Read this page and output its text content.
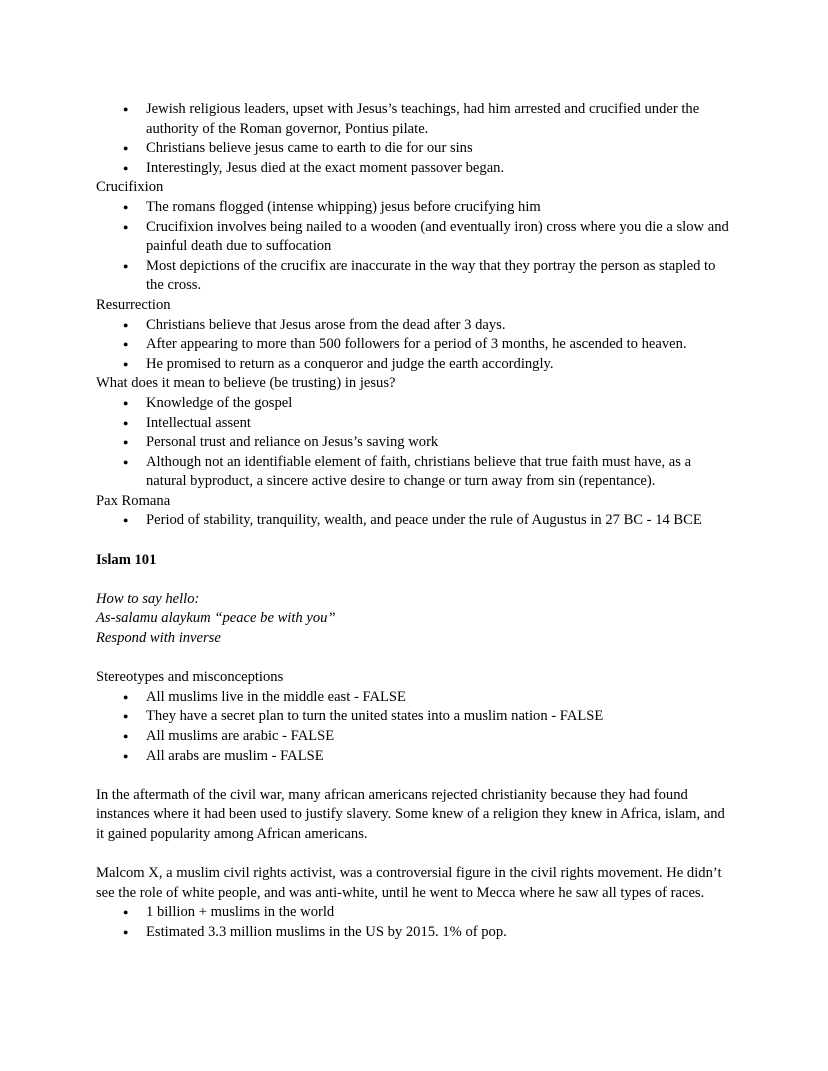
●
Jewish religious leaders, upset with Jesus’s teachings, had him arrested and crucified under the authority of the Roman governor, Pontius pilate.
●
Christians believe jesus came to earth to die for our sins
●
Interestingly, Jesus died at the exact moment passover began.
Crucifixion
●
The romans flogged (intense whipping) jesus before crucifying him
●
Crucifixion involves being nailed to a wooden (and eventually iron) cross where you die a slow and painful death due to suffocation
●
Most depictions of the crucifix are inaccurate in the way that they portray the person as stapled to the cross.
Resurrection
●
Christians believe that Jesus arose from the dead after 3 days.
●
After appearing to more than 500 followers for a period of 3 months, he ascended to heaven.
●
He promised to return as a conqueror and judge the earth accordingly.
What does it mean to believe (be trusting) in jesus?
●
Knowledge of the gospel
●
Intellectual assent
●
Personal trust and reliance on Jesus’s saving work
●
Although not an identifiable element of faith, christians believe that true faith must have, as a natural byproduct, a sincere active desire to change or turn away from sin (repentance).
Pax Romana
●
Period of stability, tranquility, wealth, and peace under the rule of Augustus in 27 BC - 14 BCE
Islam 101
How to say hello:
As-salamu alaykum “peace be with you”
Respond with inverse
Stereotypes and misconceptions
●
All muslims live in the middle east - FALSE
●
They have a secret plan to turn the united states into a muslim nation - FALSE
●
All muslims are arabic - FALSE
●
All arabs are muslim - FALSE
In the aftermath of the civil war, many african americans rejected christianity because they had found instances where it had been used to justify slavery. Some knew of a religion they knew in Africa, islam, and it gained popularity among African americans.
Malcom X, a muslim civil rights activist, was a controversial figure in the civil rights movement. He didn’t see the role of white people, and was anti-white, until he went to Mecca where he saw all types of races.
●
1 billion + muslims in the world
●
Estimated 3.3 million muslims in the US by 2015. 1% of pop.
